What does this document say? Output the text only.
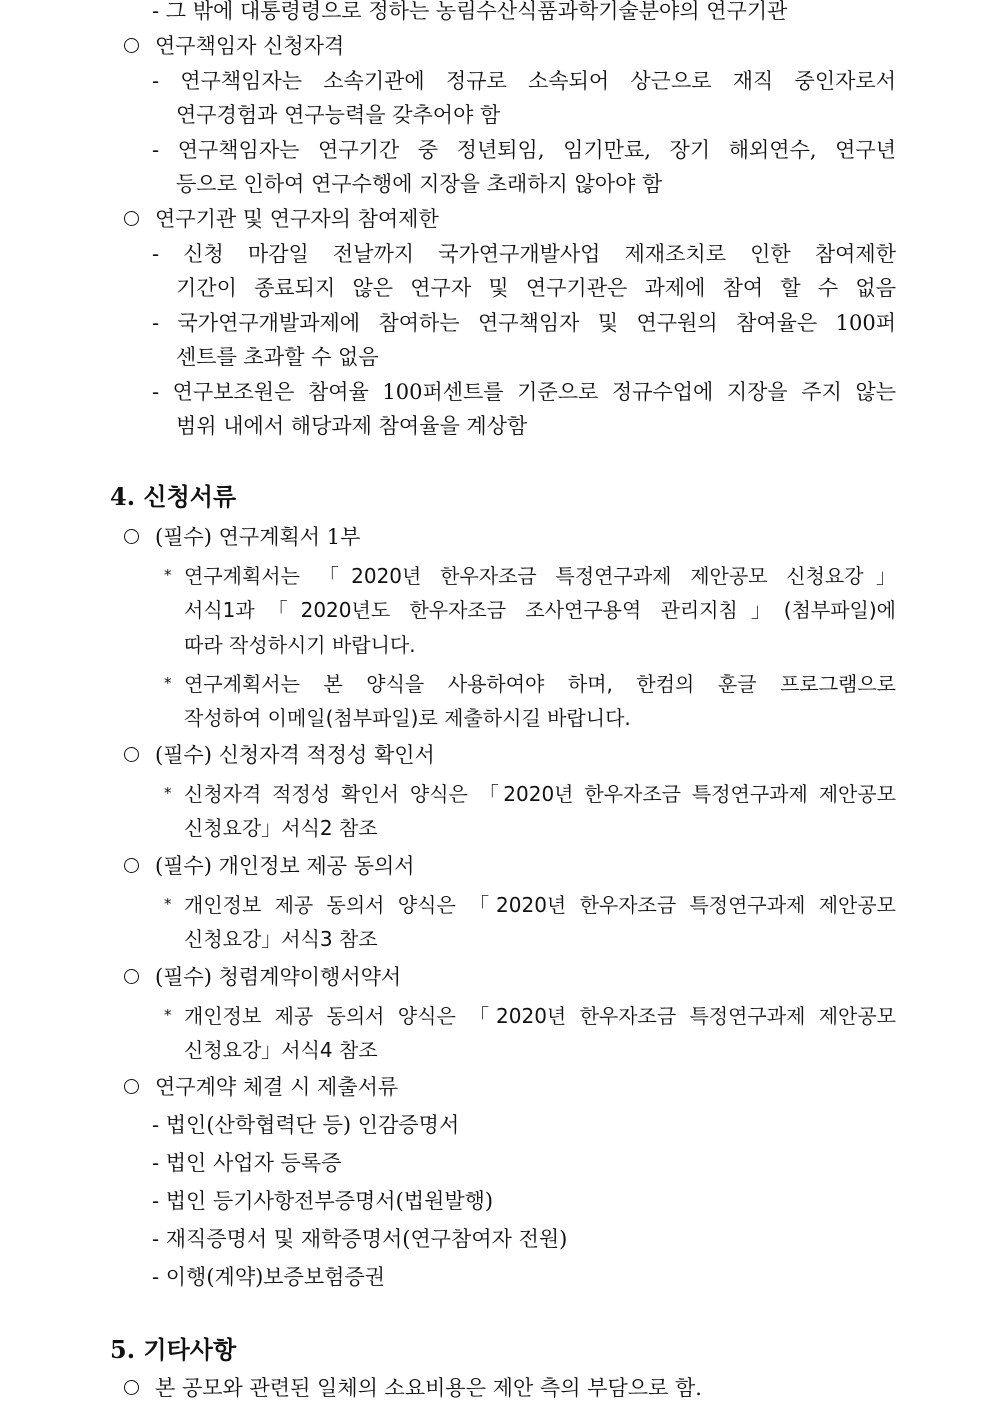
- 그 밖에 대통령령으로 정하는 농림수산식품과학기술분야의 연구기관
연구책임자 신청자격
- 연구책임자는 소속기관에 정규로 소속되어 상근으로 재직 중인자로서
연구경험과 연구능력을 갖추어야 함
- 연구책임자는 연구기간 중 정년퇴임, 임기만료, 장기 해외연수, 연구년
등으로 인하여 연구수행에 지장을 초래하지 않아야 함
연구기관 및 연구자의 참여제한
- 신청 마감일 전날까지 국가연구개발사업 제재조치로 인한 참여제한
기간이 종료되지 않은 연구자 및 연구기관은 과제에 참여 할 수 없음
- 국가연구개발과제에 참여하는 연구책임자 및 연구원의 참여율은 100퍼
센트를 초과할 수 없음
- 연구보조원은 참여율 100퍼센트를 기준으로 정규수업에 지장을 주지 않는
범위 내에서 해당과제 참여율을 계상함
4. 신청서류
(필수) 연구계획서 1부
* 연구계획서는 「2020년 한우자조금 특정연구과제 제안공모 신청요강」
서식1과「2020년도 한우자조금 조사연구용역 관리지침」(첨부파일)에
따라 작성하시기 바랍니다.
* 연구계획서는 본 양식을 사용하여야 하며, 한컴의 훈글 프로그램으로
작성하여 이메일(첨부파일)로 제출하시길 바랍니다.
(필수) 신청자격 적정성 확인서
* 신청자격 적정성 확인서 양식은 「2020년 한우자조금 특정연구과제 제안공모
신청요강」서식2 참조
(필수) 개인정보 제공 동의서
* 개인정보 제공 동의서 양식은 「2020년 한우자조금 특정연구과제 제안공모
신청요강」서식3 참조
(필수) 청렴계약이행서약서
* 개인정보 제공 동의서 양식은 「2020년 한우자조금 특정연구과제 제안공모
신청요강」서식4 참조
연구계약 체결 시 제출서류
- 법인(산학협력단 등) 인감증명서
- 법인 사업자 등록증
- 법인 등기사항전부증명서(법원발행)
- 재직증명서 및 재학증명서(연구참여자 전원)
- 이행(계약)보증보험증권
5. 기타사항
본 공모와 관련된 일체의 소요비용은 제안 측의 부담으로 함.
